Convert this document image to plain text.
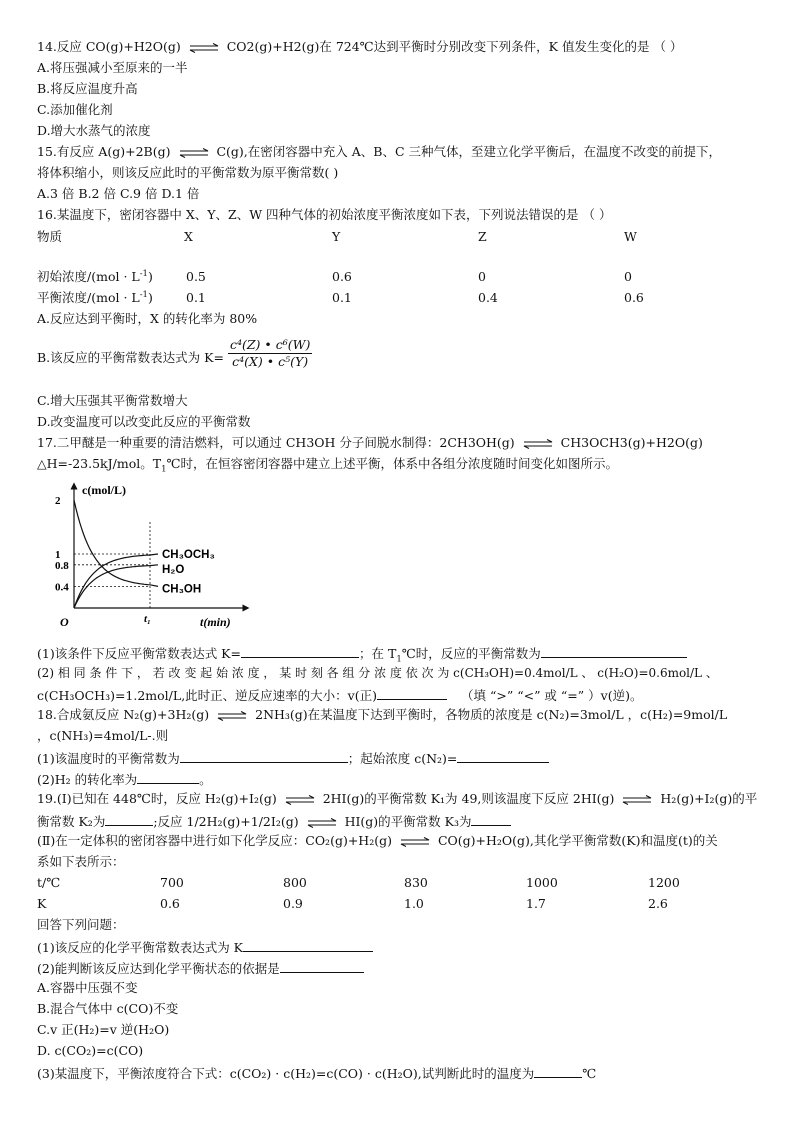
14.反应 CO(g)+H2O(g) ⇌ CO2(g)+H2(g)在 724℃达到平衡时分别改变下列条件，K 值发生变化的是 （ ）
A.将压强减小至原来的一半
B.将反应温度升高
C.添加催化剂
D.增大水蒸气的浓度
15.有反应 A(g)+2B(g) ⇌ C(g),在密闭容器中充入 A、B、C 三种气体，至建立化学平衡后，在温度不改变的前提下，
将体积缩小，则该反应此时的平衡常数为原平衡常数( )
A.3 倍 B.2 倍 C.9 倍 D.1 倍
16.某温度下，密闭容器中 X、Y、Z、W 四种气体的初始浓度平衡浓度如下表，下列说法错误的是 （ ）
物质	X	Y	Z	W
初始浓度$/(mol \cdot L^{-1})$	0.5	0.6	0	0
平衡浓度$/(mol \cdot L^{-1})$	0.1	0.1	0.4	0.6
A.反应达到平衡时，X 的转化率为 80%
B.该反应的平衡常数表达式为 $K= \frac{\text{c⁴(Z) • c⁶(W)}}{\text{c⁴(X) • c⁵(Y)}}$
C.增大压强其平衡常数增大
D.改变温度可以改变此反应的平衡常数
17.二甲醚是一种重要的清洁燃料，可以通过 CH3OH 分子间脱水制得：2CH3OH(g) ⇌ CH3OCH3(g)+H2O(g)
△H=-23.5kJ/mol。$T_1℃$时，在恒容密闭容器中建立上述平衡，体系中各组分浓度随时间变化如图所示。
c(mol/L)
t(min)
O
2
1
0.8
0.4
t₁
CH₃OCH₃
H₂O
CH₃OH
(1)该条件下反应平衡常数表达式 K=	；在 $T_1℃$时，反应的平衡常数为
(2) 相 同 条 件 下 ， 若 改 变 起 始 浓 度 ， 某 时 刻 各 组 分 浓 度 依 次 为 c(CH₃OH)=0.4mol/L 、 c(H₂O)=0.6mol/L 、
c(CH₃OCH₃)=1.2mol/L,此时正、逆反应速率的大小：v(正)	（填 “>” “<” 或 “=” ）v(逆)。
18.合成氨反应 N₂(g)+3H₂(g) ⇌ 2NH₃(g)在某温度下达到平衡时，各物质的浓度是 c(N₂)=3mol/L ，c(H₂)=9mol/L
，c(NH₃)=4mol/L-.则
(1)该温度时的平衡常数为	；起始浓度 c(N₂)=
(2)H₂ 的转化率为	。
19.(Ⅰ)已知在 448℃时，反应 H₂(g)+I₂(g) ⇌ 2HI(g)的平衡常数 K₁为 49,则该温度下反应 2HI(g) ⇌ H₂(g)+I₂(g)的平
衡常数 K₂为	;反应 1/2H₂(g)+1/2I₂(g) ⇌ HI(g)的平衡常数 K₃为
(Ⅱ)在一定体积的密闭容器中进行如下化学反应：CO₂(g)+H₂(g) ⇌ CO(g)+H₂O(g),其化学平衡常数(K)和温度(t)的关
系如下表所示：
t/℃	700	800	830	1000	1200
K	0.6	0.9	1.0	1.7	2.6
回答下列问题：
(1)该反应的化学平衡常数表达式为 K
(2)能判断该反应达到化学平衡状态的依据是
A.容器中压强不变
B.混合气体中 c(CO)不变
C.v 正(H₂)=v 逆(H₂O)
D. c(CO₂)=c(CO)
(3)某温度下，平衡浓度符合下式：c(CO₂) · c(H₂)=c(CO) · c(H₂O),试判断此时的温度为	℃
